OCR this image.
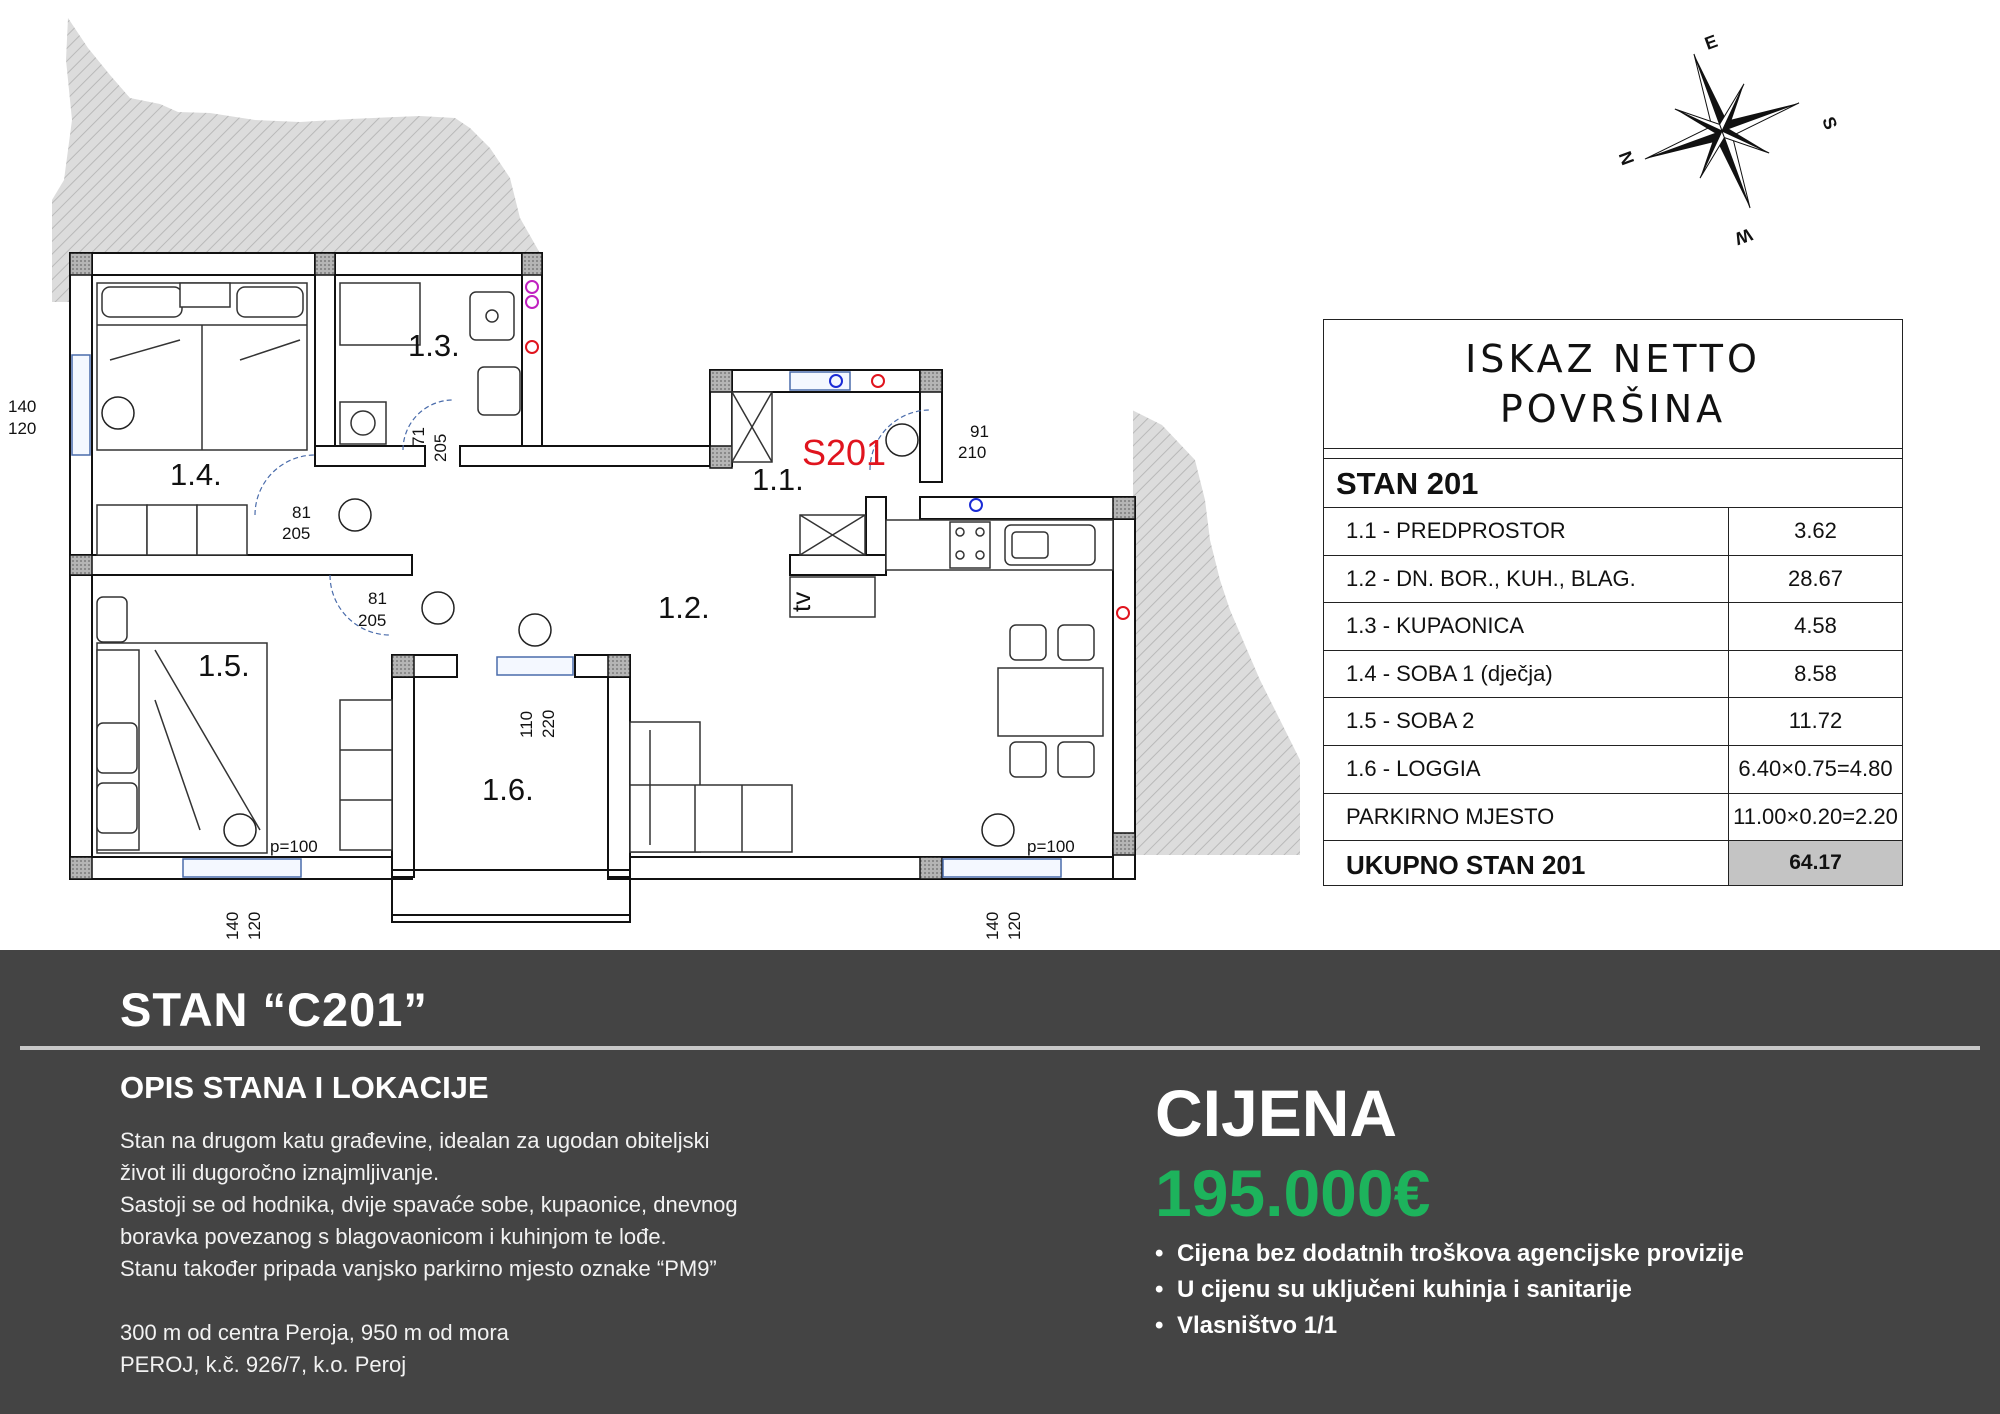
1.1.
1.2.
1.3.
1.4.
1.5.
1.6.
S201
tv
140
120	71 205
91
210
81
205
81
205
110 220
140 120	140 120
p=100	p=100
E
S
W
N
ISKAZ NETTO
POVRŠINA
STAN 201
1.1 - PREDPROSTOR	3.62
1.2 - DN. BOR., KUH., BLAG.	28.67
1.3 - KUPAONICA	4.58
1.4 - SOBA 1 (dječja)	8.58
1.5 - SOBA 2	11.72
1.6 - LOGGIA	6.40×0.75=4.80
PARKIRNO MJESTO	11.00×0.20=2.20
UKUPNO STAN 201	64.17
STAN “C201”
OPIS STANA I LOKACIJE
Stan na drugom katu građevine, idealan za ugodan obiteljski
život ili dugoročno iznajmljivanje.
Sastoji se od hodnika, dvije spavaće sobe, kupaonice, dnevnog
boravka povezanog s blagovaonicom i kuhinjom te lođe.
Stanu također pripada vanjsko parkirno mjesto oznake “PM9”
300 m od centra Peroja, 950 m od mora
PEROJ, k.č. 926/7, k.o. Peroj
CIJENA
195.000€
• Cijena bez dodatnih troškova agencijske provizije
• U cijenu su uključeni kuhinja i sanitarije
• Vlasništvo 1/1
